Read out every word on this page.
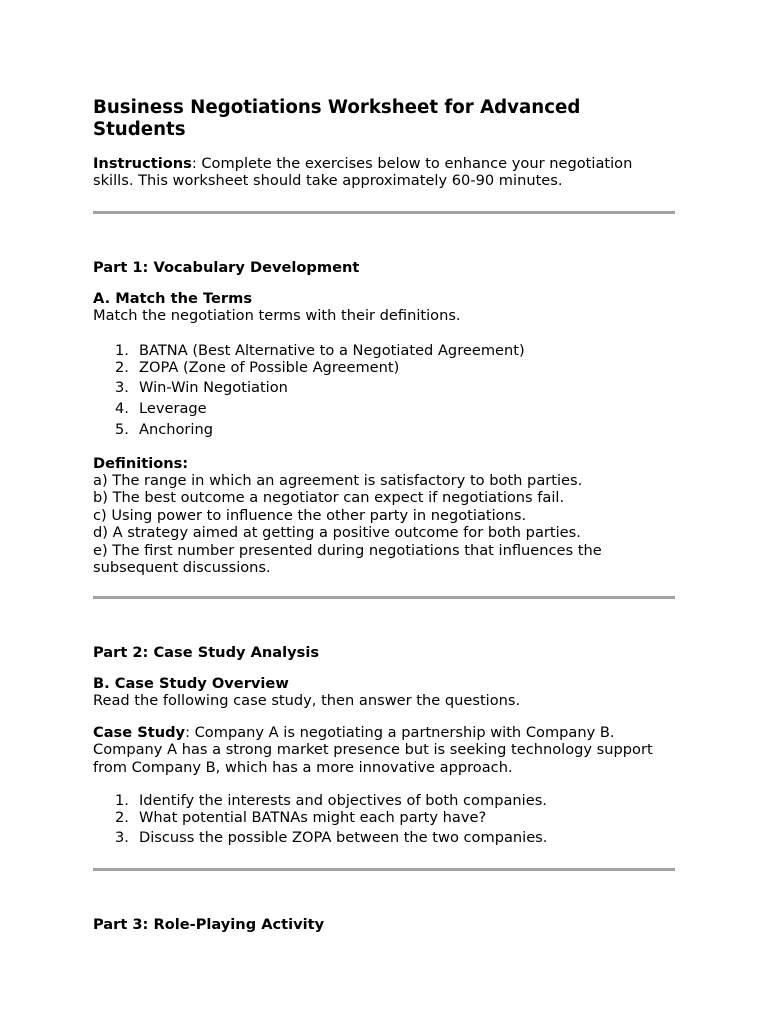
Business Negotiations Worksheet for Advanced Students

Instructions: Complete the exercises below to enhance your negotiation skills. This worksheet should take approximately 60-90 minutes.

Part 1: Vocabulary Development

A. Match the Terms

Match the negotiation terms with their definitions.

1. BATNA (Best Alternative to a Negotiated Agreement)
2. ZOPA (Zone of Possible Agreement)
3. Win-Win Negotiation
4. Leverage
5. Anchoring

Definitions:

a) The range in which an agreement is satisfactory to both parties.
b) The best outcome a negotiator can expect if negotiations fail.
c) Using power to influence the other party in negotiations.
d) A strategy aimed at getting a positive outcome for both parties.
e) The first number presented during negotiations that influences the subsequent discussions.

Part 2: Case Study Analysis

B. Case Study Overview

Read the following case study, then answer the questions.

Case Study: Company A is negotiating a partnership with Company B. Company A has a strong market presence but is seeking technology support from Company B, which has a more innovative approach.

1. Identify the interests and objectives of both companies.
2. What potential BATNAs might each party have?
3. Discuss the possible ZOPA between the two companies.

Part 3: Role-Playing Activity
